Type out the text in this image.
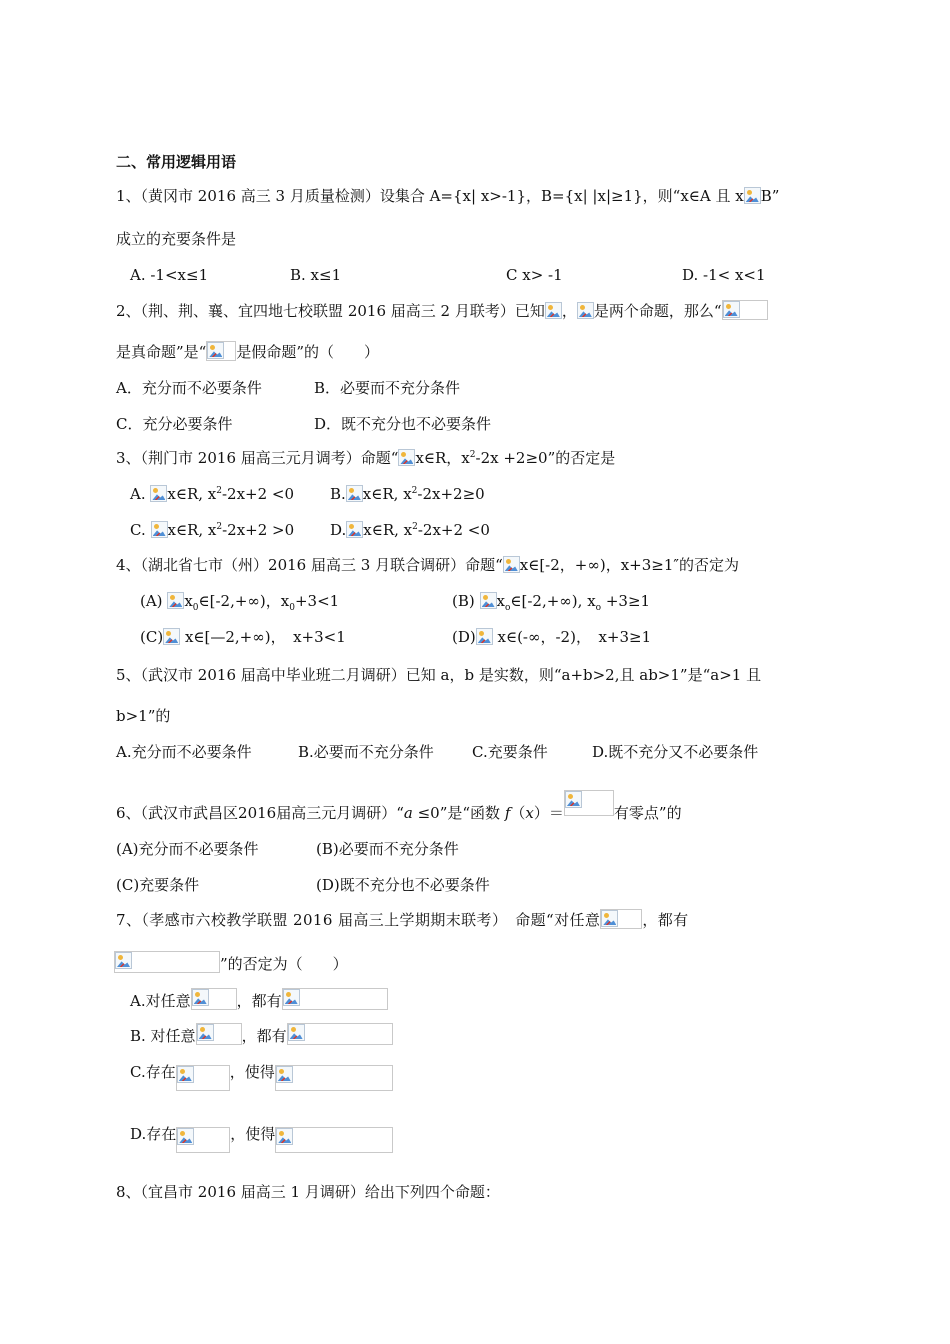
二、常用逻辑用语
1、（黄冈市 2016 高三 3 月质量检测）设集合 A={x| x>-1}，B={x| |x|≥1}，则“x∈A 且 x B”
成立的充要条件是
A. -1<x≤1	B. x≤1	C x> -1	D. -1< x<1
2、（荆、荆、襄、宜四地七校联盟 2016 届高三 2 月联考）已知 ， 是两个命题，那么“
是真命题”是“ 是假命题”的（　　）
A．充分而不必要条件	B．必要而不充分条件
C．充分必要条件	D．既不充分也不必要条件
3、（荆门市 2016 届高三元月调考）命题“ x∈R，$x^2-2x +2\ge 0$”的否定是
A. x∈R, $x^2-2x+2 <0$ B. x∈R, $x^2-2x+2\ge 0$
C. x∈R, $x^2-2x+2 >0$ D. x∈R, $x^2-2x+2 <0$
4、（湖北省七市（州）2016 届高三 3 月联合调研）命题“ x∈[-2，+∞)，x+3≥1″的否定为
(A) $x_0\in[-2,+\infty)$，$x_0+3<1$	(B) $x_o\in[-2,+\infty)$, $x_o +3\ge 1$
(C) x∈[—2,+∞)，　x+3<1	(D) x∈(-∞，-2)，　x+3≥1
5、（武汉市 2016 届高中毕业班二月调研）已知 a，b 是实数，则“a+b>2,且 ab>1”是“a>1 且
b>1”的
A.充分而不必要条件	B.必要而不充分条件	C.充要条件	D.既不充分又不必要条件
6、（武汉市武昌区2016届高三元月调研）“a ≤0”是“函数 f（x）＝	有零点”的
(A)充分而不必要条件	(B)必要而不充分条件
(C)充要条件	(D)既不充分也不必要条件
7、（孝感市六校教学联盟 2016 届高三上学期期末联考）　命题“对任意	，都有
”的否定为（　　）
A.对任意	，都有
B. 对任意	，都有
C.存在	，使得
D.存在	，使得
8、（宜昌市 2016 届高三 1 月调研）给出下列四个命题：
